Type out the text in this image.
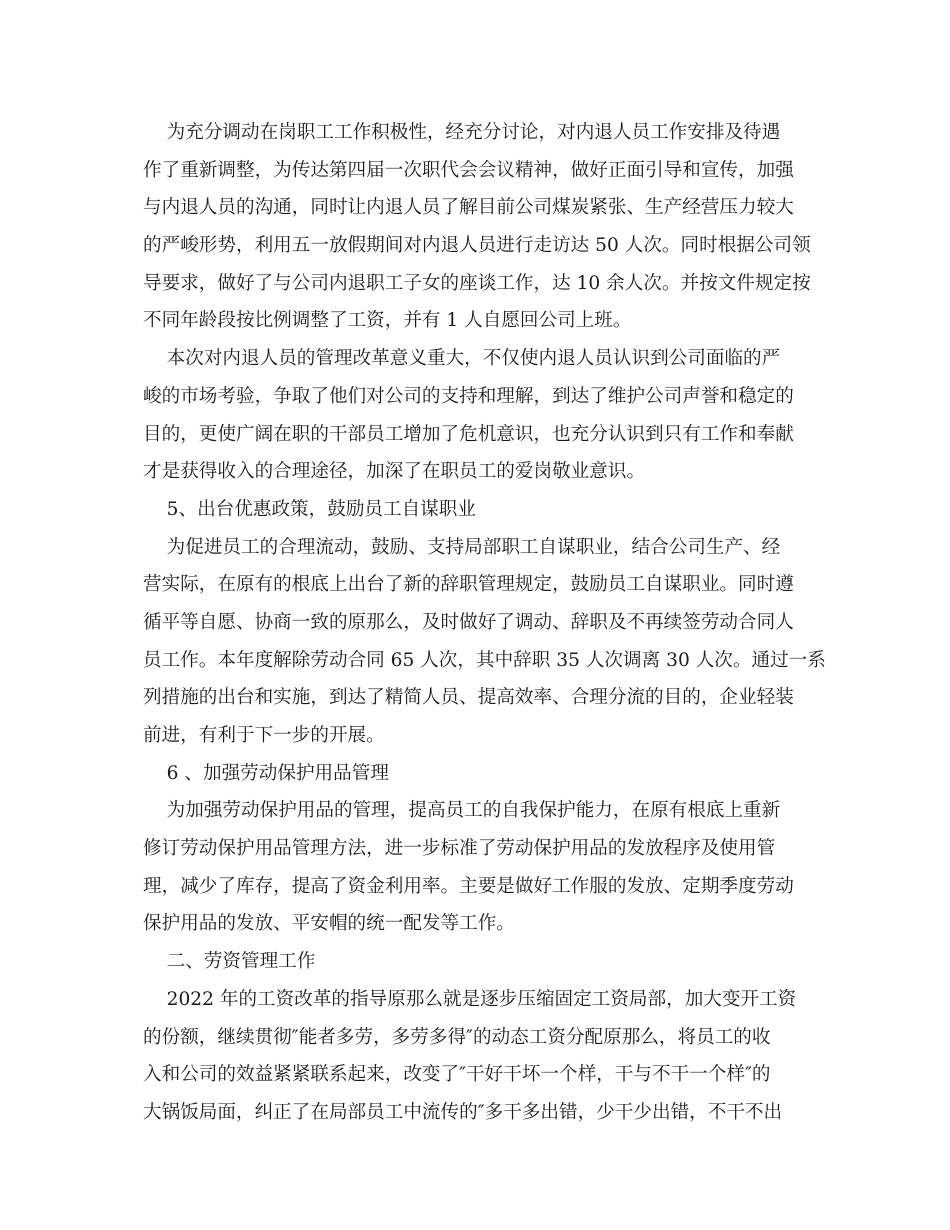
为充分调动在岗职工工作积极性，经充分讨论，对内退人员工作安排及待遇
作了重新调整，为传达第四届一次职代会会议精神，做好正面引导和宣传，加强
与内退人员的沟通，同时让内退人员了解目前公司煤炭紧张、生产经营压力较大
的严峻形势，利用五一放假期间对内退人员进行走访达 50 人次。同时根据公司领
导要求，做好了与公司内退职工子女的座谈工作，达 10 余人次。并按文件规定按
不同年龄段按比例调整了工资，并有 1 人自愿回公司上班。
本次对内退人员的管理改革意义重大，不仅使内退人员认识到公司面临的严
峻的市场考验，争取了他们对公司的支持和理解，到达了维护公司声誉和稳定的
目的，更使广阔在职的干部员工增加了危机意识，也充分认识到只有工作和奉献
才是获得收入的合理途径，加深了在职员工的爱岗敬业意识。
5、出台优惠政策，鼓励员工自谋职业
为促进员工的合理流动，鼓励、支持局部职工自谋职业，结合公司生产、经
营实际，在原有的根底上出台了新的辞职管理规定，鼓励员工自谋职业。同时遵
循平等自愿、协商一致的原那么，及时做好了调动、辞职及不再续签劳动合同人
员工作。本年度解除劳动合同 65 人次，其中辞职 35 人次调离 30 人次。通过一系
列措施的出台和实施，到达了精简人员、提高效率、合理分流的目的，企业轻装
前进，有利于下一步的开展。
6 、加强劳动保护用品管理
为加强劳动保护用品的管理，提高员工的自我保护能力，在原有根底上重新
修订劳动保护用品管理方法，进一步标准了劳动保护用品的发放程序及使用管
理，减少了库存，提高了资金利用率。主要是做好工作服的发放、定期季度劳动
保护用品的发放、平安帽的统一配发等工作。
二、劳资管理工作
2022 年的工资改革的指导原那么就是逐步压缩固定工资局部，加大变开工资
的份额，继续贯彻″能者多劳，多劳多得″的动态工资分配原那么，将员工的收
入和公司的效益紧紧联系起来，改变了″干好干坏一个样，干与不干一个样″的
大锅饭局面，纠正了在局部员工中流传的″多干多出错，少干少出错，不干不出
